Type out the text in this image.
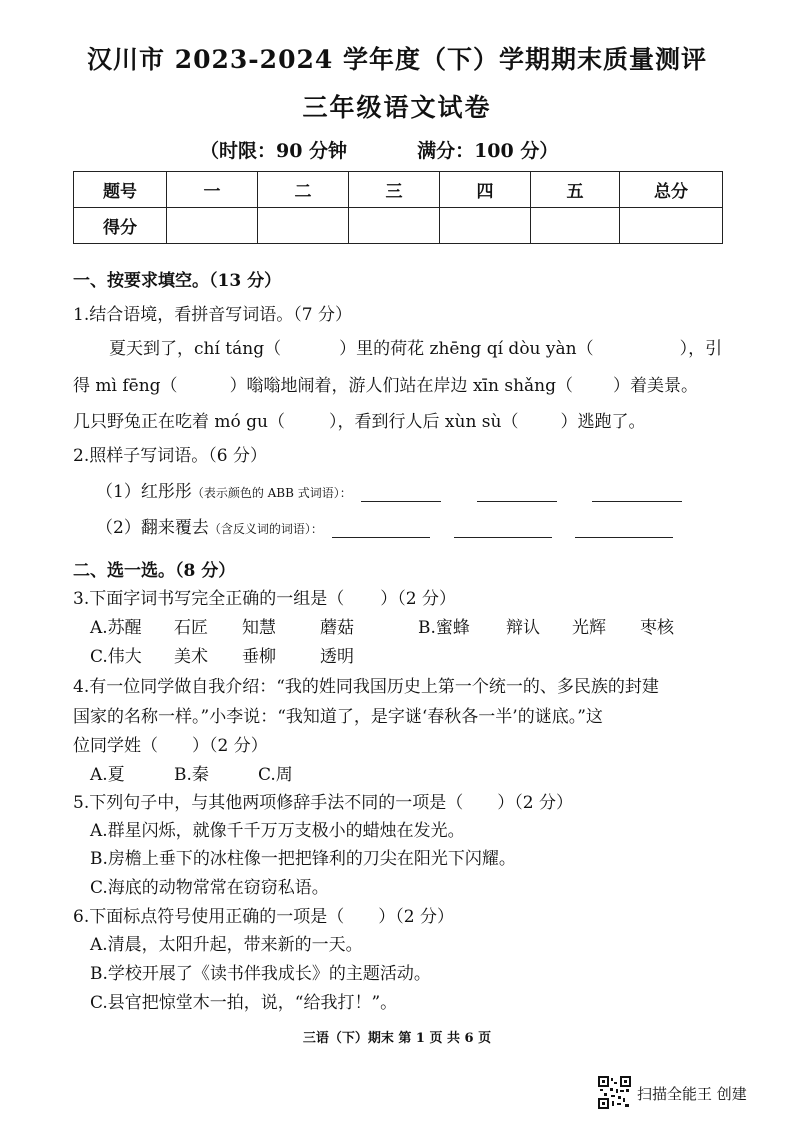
汉川市 2023-2024 学年度（下）学期期末质量测评
三年级语文试卷
（时限：90 分钟	满分：100 分）
题号	一	二	三	四	五	总分
得分						
一、按要求填空。（13 分）
1.结合语境，看拼音写词语。（7 分）
夏天到了，chí táng（	）里的荷花 zhēng qí dòu yàn（	），引
得 mì fēng（	）嗡嗡地闹着，游人们站在岸边 xīn shǎng（ ）着美景。
几只野兔正在吃着 mó gu（	），看到行人后 xùn sù（ ）逃跑了。
2.照样子写词语。（6 分）
（1）红彤彤（表示颜色的 ABB 式词语）：
（2）翻来覆去（含反义词的词语）：
二、选一选。（8 分）
3.下面字词书写完全正确的一组是（ ）（2 分）
A.苏醒 石匠 知慧	蘑菇	B.蜜蜂 辩认 光辉 枣核
C.伟大 美术 垂柳	透明
4.有一位同学做自我介绍：“我的姓同我国历史上第一个统一的、多民族的封建
国家的名称一样。”小李说：“我知道了，是字谜‘春秋各一半’的谜底。”这
位同学姓（　　）（2 分）
A.夏	B.秦	C.周
5.下列句子中，与其他两项修辞手法不同的一项是（　　）（2 分）
A.群星闪烁，就像千千万万支极小的蜡烛在发光。
B.房檐上垂下的冰柱像一把把锋利的刀尖在阳光下闪耀。
C.海底的动物常常在窃窃私语。
6.下面标点符号使用正确的一项是（　　）（2 分）
A.清晨，太阳升起，带来新的一天。
B.学校开展了《读书伴我成长》的主题活动。
C.县官把惊堂木一拍，说，“给我打！”。
三语（下）期末 第 1 页 共 6 页
扫描全能王 创建
